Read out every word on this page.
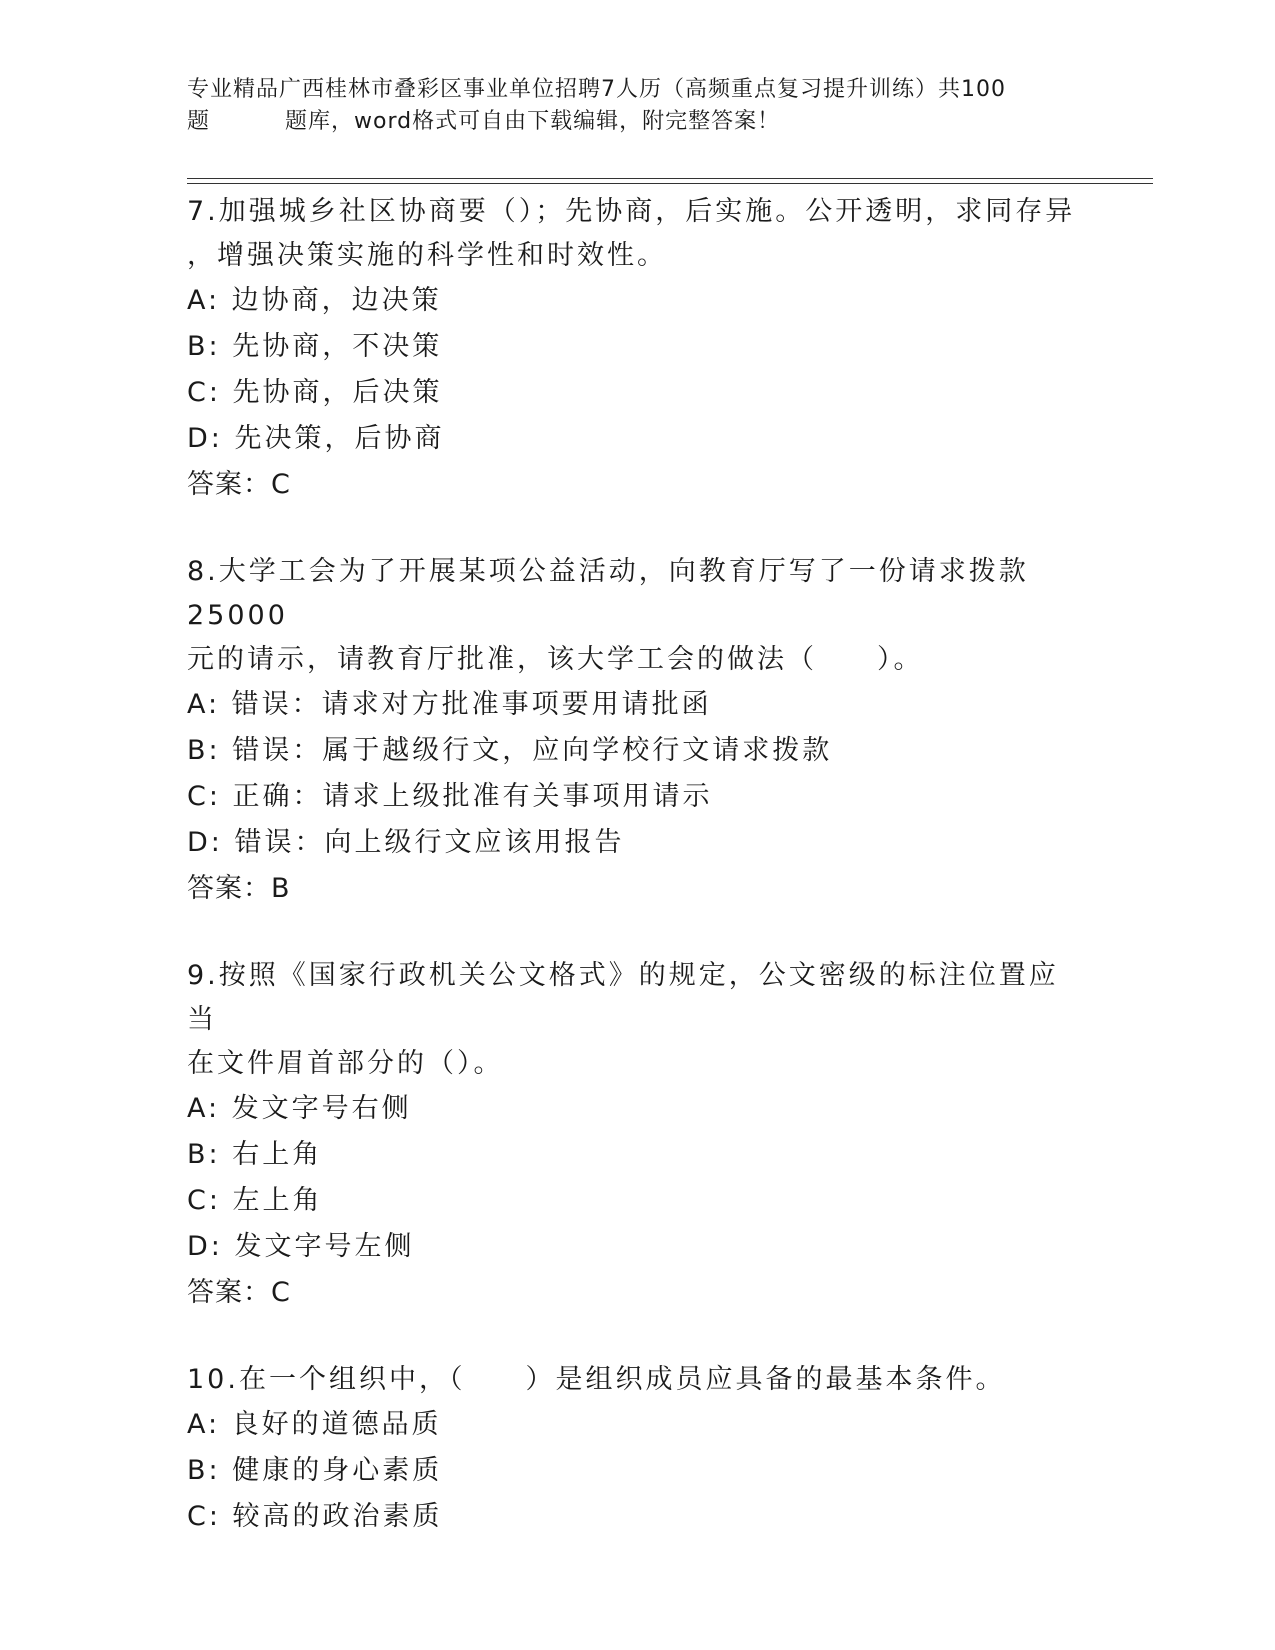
专业精品广西桂林市叠彩区事业单位招聘7人历（高频重点复习提升训练）共100
题	题库，word格式可自由下载编辑，附完整答案！
7.加强城乡社区协商要（）；先协商，后实施。公开透明，求同存异
，增强决策实施的科学性和时效性。
A: 边协商，边决策
B: 先协商，不决策
C: 先协商，后决策
D: 先决策，后协商
答案：C
8.大学工会为了开展某项公益活动，向教育厅写了一份请求拨款25000
元的请示，请教育厅批准，该大学工会的做法（　　）。
A: 错误：请求对方批准事项要用请批函
B: 错误：属于越级行文，应向学校行文请求拨款
C: 正确：请求上级批准有关事项用请示
D: 错误：向上级行文应该用报告
答案：B
9.按照《国家行政机关公文格式》的规定，公文密级的标注位置应当
在文件眉首部分的（）。
A: 发文字号右侧
B: 右上角
C: 左上角
D: 发文字号左侧
答案：C
10.在一个组织中，（　　）是组织成员应具备的最基本条件。
A: 良好的道德品质
B: 健康的身心素质
C: 较高的政治素质
